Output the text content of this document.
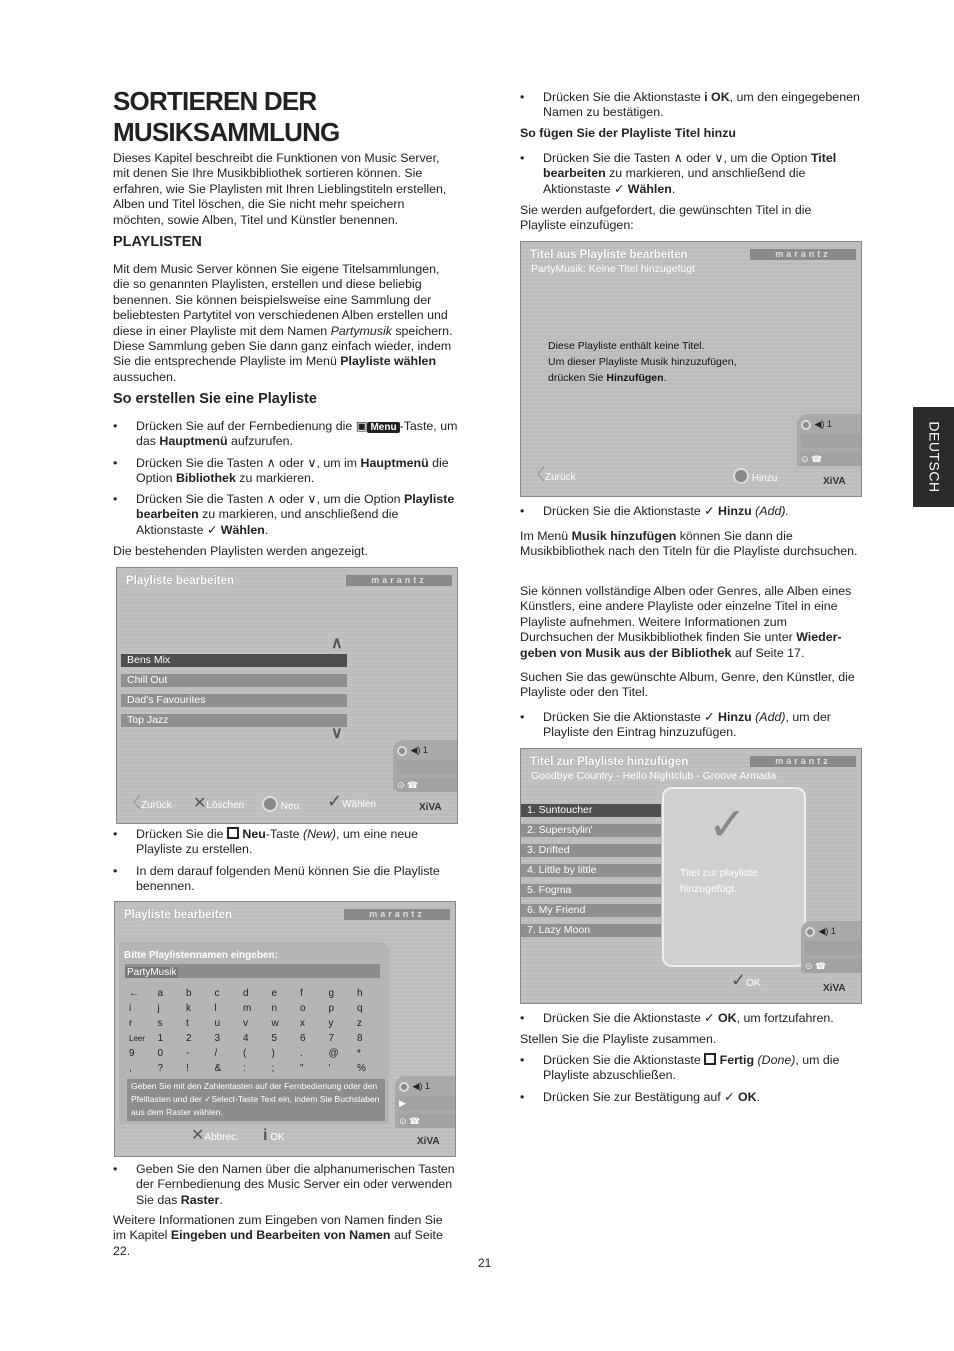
SORTIEREN DER
MUSIKSAMMLUNG

Dieses Kapitel beschreibt die Funktionen von Music Server, mit denen Sie Ihre Musikbibliothek sortieren können. Sie erfahren, wie Sie Playlisten mit Ihren Lieblingstiteln erstellen, Alben und Titel löschen, die Sie nicht mehr speichern möchten, sowie Alben, Titel und Künstler benennen.

PLAYLISTEN

Mit dem Music Server können Sie eigene Titelsammlungen, die so genannten Playlisten, erstellen und diese beliebig benennen. Sie können beispielsweise eine Sammlung der beliebtesten Partytitel von verschiedenen Alben erstellen und diese in einer Playliste mit dem Namen Partymusik speichern. Diese Sammlung geben Sie dann ganz einfach wieder, indem Sie die entsprechende Playliste im Menü Playliste wählen aussuchen.

So erstellen Sie eine Playliste
• Drücken Sie auf der Fernbedienung die ▣ Menu -Taste, um das Hauptmenü aufzurufen.
• Drücken Sie die Tasten ∧ oder ∨, um im Hauptmenü die Option Bibliothek zu markieren.
• Drücken Sie die Tasten ∧ oder ∨, um die Option Playliste bearbeiten zu markieren, und anschließend die Aktionstaste ✓ Wählen.

Die bestehenden Playlisten werden angezeigt.

Playliste bearbeiten	marantz
∧
Bens Mix
Chill Out
Dad's Favourites
Top Jazz
∨
◀) 1
⊙ ☎
〈Zurück ✕Löschen	Neu ✓Wählen	XiVA
• Drücken Sie die  Neu-Taste (New), um eine neue Playliste zu erstellen.
• In dem darauf folgenden Menü können Sie die Playliste benennen.
Playliste bearbeiten	marantz
Bitte Playlistennamen eingeben:
PartyMusik
← a b c d e f	g h
i	j	k l	m n o p q
r	s t	u v w x y z
Leer 1 2 3 4 5 6 7 8
9 0 -	/	(	)	.	@ *
,	? !	& :	;	" '	%
Geben Sie mit den Zahlentasten auf der Fernbedienung oder den Pfeiltasten und der ✓Select-Taste Text ein, indem Sie Buchstaben aus dem Raster wählen.
◀) 1
▶
⊙ ☎
✕Abbrec. i OK	XiVA
• Geben Sie den Namen über die alphanumerischen Tasten der Fernbedienung des Music Server ein oder verwenden Sie das Raster.

Weitere Informationen zum Eingeben von Namen finden Sie im Kapitel Eingeben und Bearbeiten von Namen auf Seite 22.

• Drücken Sie die Aktionstaste i OK, um den eingegebenen Namen zu bestätigen.
So fügen Sie der Playliste Titel hinzu
• Drücken Sie die Tasten ∧ oder ∨, um die Option Titel bearbeiten zu markieren, und anschließend die Aktionstaste ✓ Wählen.

Sie werden aufgefordert, die gewünschten Titel in die Playliste einzufügen:

Titel aus Playliste bearbeiten
PartyMusik: Keine Titel hinzugefügt
marantz
Diese Playliste enthält keine Titel.
Um dieser Playliste Musik hinzuzufügen,
drücken Sie Hinzufügen.
◀) 1
⊙ ☎
〈Zurück	Hinzu	XiVA
• Drücken Sie die Aktionstaste ✓ Hinzu (Add).

Im Menü Musik hinzufügen können Sie dann die Musikbibliothek nach den Titeln für die Playliste durchsuchen.

Sie können vollständige Alben oder Genres, alle Alben eines Künstlers, eine andere Playliste oder einzelne Titel in eine Playliste aufnehmen. Weitere Informationen zum Durchsuchen der Musikbibliothek finden Sie unter Wieder-geben von Musik aus der Bibliothek auf Seite 17.

Suchen Sie das gewünschte Album, Genre, den Künstler, die Playliste oder den Titel.

• Drücken Sie die Aktionstaste ✓ Hinzu (Add), um der Playliste den Eintrag hinzuzufügen.
Titel zur Playliste hinzufügen
Goodbye Country - Hello Nightclub - Groove Armada
marantz
1. Suntoucher
2. Superstylin'
3. Drifted
4. Little by little
5. Fogma
6. My Friend
7. Lazy Moon
✓
Titel zur playliste
hinzugefügt.
◀) 1
⊙ ☎
✓OK	XiVA
• Drücken Sie die Aktionstaste ✓ OK, um fortzufahren.

Stellen Sie die Playliste zusammen.

• Drücken Sie die Aktionstaste  Fertig (Done), um die Playliste abzuschließen.
• Drücken Sie zur Bestätigung auf ✓ OK.
DEUTSCH
21
